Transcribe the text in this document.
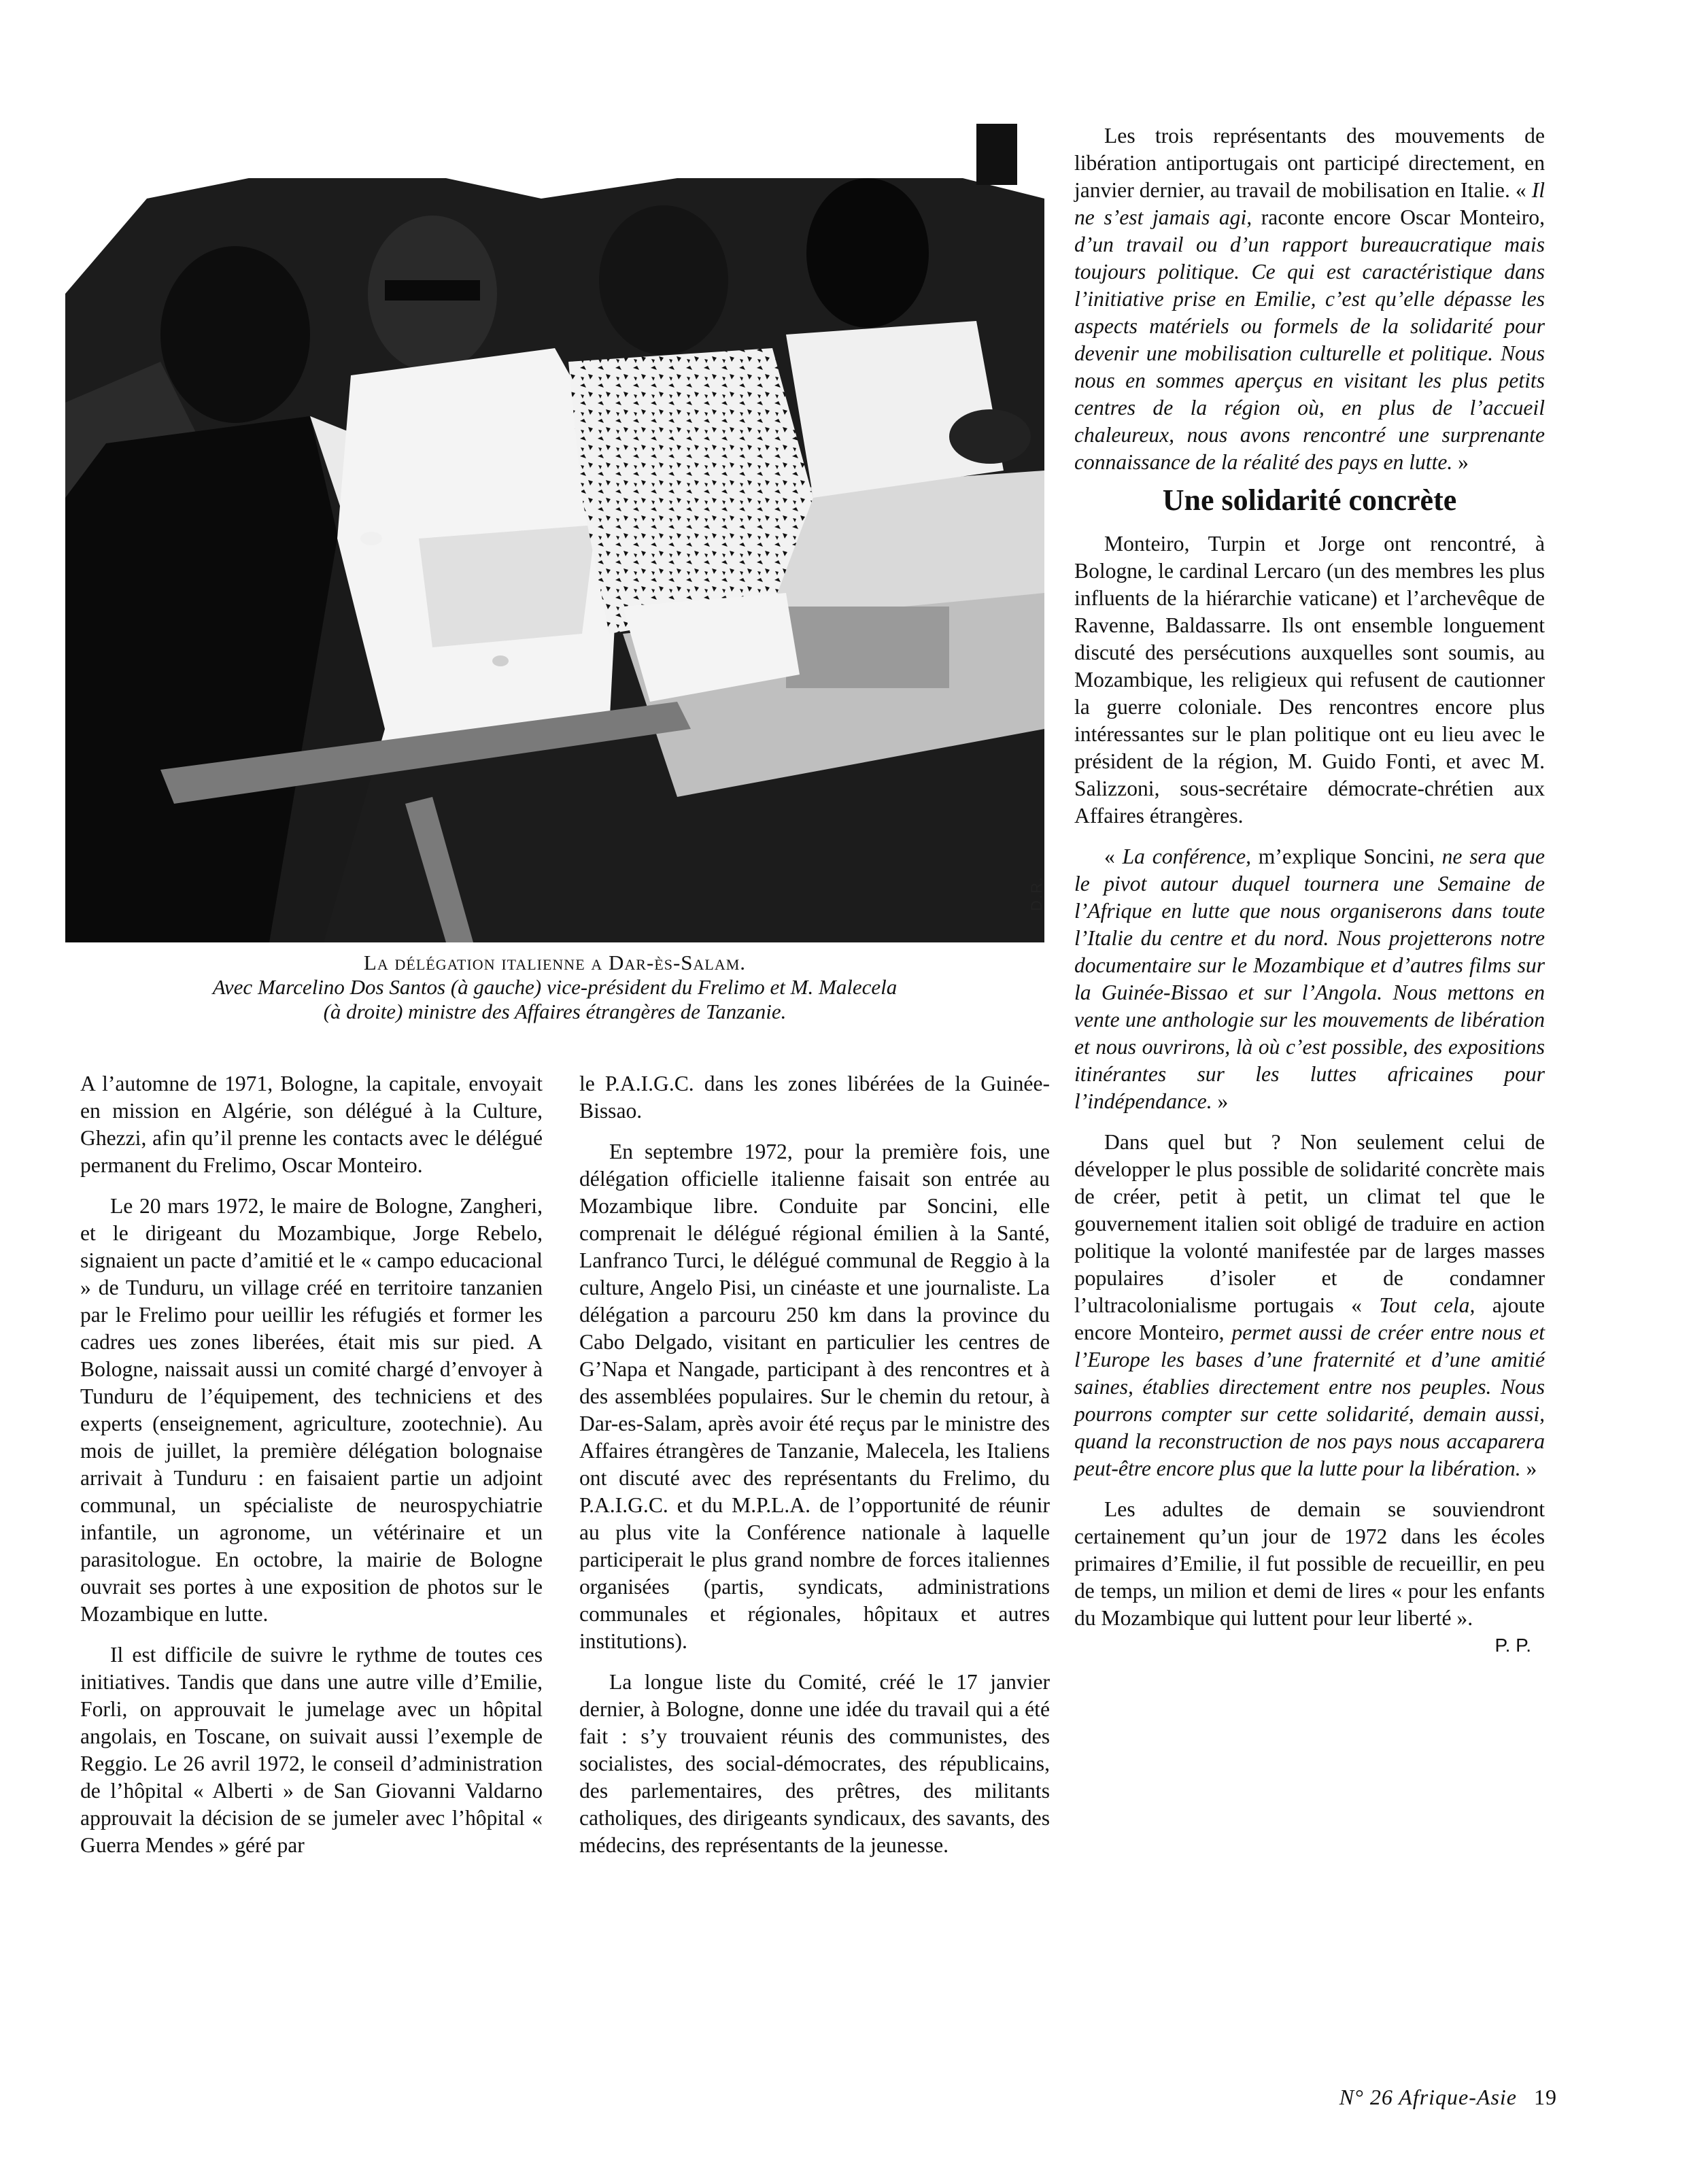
D.R.
La délégation italienne a Dar-ès-Salam.
Avec Marcelino Dos Santos (à gauche) vice-président du Frelimo et M. Malecela (à droite) ministre des Affaires étrangères de Tanzanie.

A l’automne de 1971, Bologne, la capitale, envoyait en mission en Algérie, son délégué à la Culture, Ghezzi, afin qu’il prenne les contacts avec le délégué permanent du Frelimo, Oscar Monteiro.

Le 20 mars 1972, le maire de Bologne, Zangheri, et le dirigeant du Mozambique, Jorge Rebelo, signaient un pacte d’amitié et le « campo educacional » de Tunduru, un village créé en territoire tanzanien par le Frelimo pour ueillir les réfugiés et former les cadres ues zones liberées, était mis sur pied. A Bologne, naissait aussi un comité chargé d’envoyer à Tunduru de l’équipement, des techniciens et des experts (enseignement, agriculture, zootechnie). Au mois de juillet, la première délégation bolognaise arrivait à Tunduru : en faisaient partie un adjoint communal, un spécialiste de neurospychiatrie infantile, un agronome, un vétérinaire et un parasitologue. En octobre, la mairie de Bologne ouvrait ses portes à une exposition de photos sur le Mozambique en lutte.

Il est difficile de suivre le rythme de toutes ces initiatives. Tandis que dans une autre ville d’Emilie, Forli, on approuvait le jumelage avec un hôpital angolais, en Toscane, on suivait aussi l’exemple de Reggio. Le 26 avril 1972, le conseil d’administration de l’hôpital « Alberti » de San Giovanni Valdarno approuvait la décision de se jumeler avec l’hôpital « Guerra Mendes » géré par

le P.A.I.G.C. dans les zones libérées de la Guinée-Bissao.

En septembre 1972, pour la première fois, une délégation officielle italienne faisait son entrée au Mozambique libre. Conduite par Soncini, elle comprenait le délégué régional émilien à la Santé, Lanfranco Turci, le délégué communal de Reggio à la culture, Angelo Pisi, un cinéaste et une journaliste. La délégation a parcouru 250 km dans la province du Cabo Delgado, visitant en particulier les centres de G’Napa et Nangade, participant à des rencontres et à des assemblées populaires. Sur le chemin du retour, à Dar-es-Salam, après avoir été reçus par le ministre des Affaires étrangères de Tanzanie, Malecela, les Italiens ont discuté avec des représentants du Frelimo, du P.A.I.G.C. et du M.P.L.A. de l’opportunité de réunir au plus vite la Conférence nationale à laquelle participerait le plus grand nombre de forces italiennes organisées (partis, syndicats, administrations communales et régionales, hôpitaux et autres institutions).

La longue liste du Comité, créé le 17 janvier dernier, à Bologne, donne une idée du travail qui a été fait : s’y trouvaient réunis des communistes, des socialistes, des social-démocrates, des républicains, des parlementaires, des prêtres, des militants catholiques, des dirigeants syndicaux, des savants, des médecins, des représentants de la jeunesse.

Les trois représentants des mouvements de libération antiportugais ont participé directement, en janvier dernier, au travail de mobilisation en Italie. « Il ne s’est jamais agi, raconte encore Oscar Monteiro, d’un travail ou d’un rapport bureaucratique mais toujours politique. Ce qui est caractéristique dans l’initiative prise en Emilie, c’est qu’elle dépasse les aspects matériels ou formels de la solidarité pour devenir une mobilisation culturelle et politique. Nous nous en sommes aperçus en visitant les plus petits centres de la région où, en plus de l’accueil chaleureux, nous avons rencontré une surprenante connaissance de la réalité des pays en lutte. »

Une solidarité concrète

Monteiro, Turpin et Jorge ont rencontré, à Bologne, le cardinal Lercaro (un des membres les plus influents de la hiérarchie vaticane) et l’archevêque de Ravenne, Baldassarre. Ils ont ensemble longuement discuté des persécutions auxquelles sont soumis, au Mozambique, les religieux qui refusent de cautionner la guerre coloniale. Des rencontres encore plus intéressantes sur le plan politique ont eu lieu avec le président de la région, M. Guido Fonti, et avec M. Salizzoni, sous-secrétaire démocrate-chrétien aux Affaires étrangères.

« La conférence, m’explique Soncini, ne sera que le pivot autour duquel tournera une Semaine de l’Afrique en lutte que nous organiserons dans toute l’Italie du centre et du nord. Nous projetterons notre documentaire sur le Mozambique et d’autres films sur la Guinée-Bissao et sur l’Angola. Nous mettons en vente une anthologie sur les mouvements de libération et nous ouvrirons, là où c’est possible, des expositions itinérantes sur les luttes africaines pour l’indépendance. »

Dans quel but ? Non seulement celui de développer le plus possible de solidarité concrète mais de créer, petit à petit, un climat tel que le gouvernement italien soit obligé de traduire en action politique la volonté manifestée par de larges masses populaires d’isoler et de condamner l’ultracolonialisme portugais « Tout cela, ajoute encore Monteiro, permet aussi de créer entre nous et l’Europe les bases d’une fraternité et d’une amitié saines, établies directement entre nos peuples. Nous pourrons compter sur cette solidarité, demain aussi, quand la reconstruction de nos pays nous accaparera peut-être encore plus que la lutte pour la libération. »

Les adultes de demain se souviendront certainement qu’un jour de 1972 dans les écoles primaires d’Emilie, il fut possible de recueillir, en peu de temps, un milion et demi de lires « pour les enfants du Mozambique qui luttent pour leur liberté ».

P. P.
N° 26 Afrique-Asie 19
